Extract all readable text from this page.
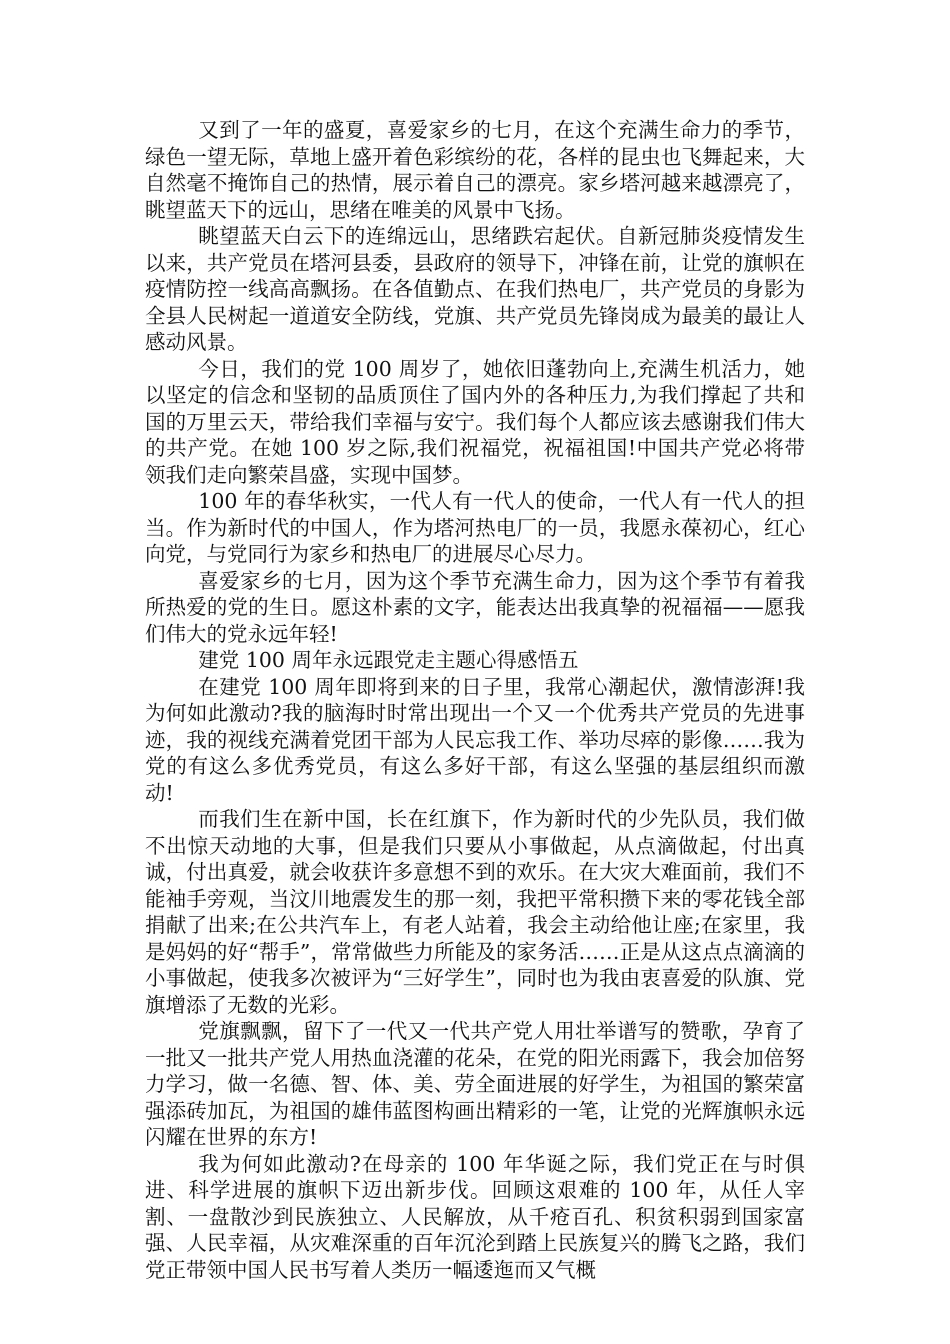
又到了一年的盛夏，喜爱家乡的七月，在这个充满生命力的季节，绿色一望无际，草地上盛开着色彩缤纷的花，各样的昆虫也飞舞起来，大自然毫不掩饰自己的热情，展示着自己的漂亮。家乡塔河越来越漂亮了，眺望蓝天下的远山，思绪在唯美的风景中飞扬。

眺望蓝天白云下的连绵远山，思绪跌宕起伏。自新冠肺炎疫情发生以来，共产党员在塔河县委，县政府的领导下，冲锋在前，让党的旗帜在疫情防控一线高高飘扬。在各值勤点、在我们热电厂，共产党员的身影为全县人民树起一道道安全防线，党旗、共产党员先锋岗成为最美的最让人感动风景。

今日，我们的党 100 周岁了，她依旧蓬勃向上,充满生机活力，她以坚定的信念和坚韧的品质顶住了国内外的各种压力,为我们撑起了共和国的万里云天，带给我们幸福与安宁。我们每个人都应该去感谢我们伟大的共产党。在她 100 岁之际,我们祝福党，祝福祖国!中国共产党必将带领我们走向繁荣昌盛，实现中国梦。

100 年的春华秋实，一代人有一代人的使命，一代人有一代人的担当。作为新时代的中国人，作为塔河热电厂的一员，我愿永葆初心，红心向党，与党同行为家乡和热电厂的进展尽心尽力。

喜爱家乡的七月，因为这个季节充满生命力，因为这个季节有着我所热爱的党的生日。愿这朴素的文字，能表达出我真挚的祝福福——愿我们伟大的党永远年轻!

建党 100 周年永远跟党走主题心得感悟五

在建党 100 周年即将到来的日子里，我常心潮起伏，激情澎湃!我为何如此激动?我的脑海时时常出现出一个又一个优秀共产党员的先进事迹，我的视线充满着党团干部为人民忘我工作、举功尽瘁的影像……我为党的有这么多优秀党员，有这么多好干部，有这么坚强的基层组织而激动!

而我们生在新中国，长在红旗下，作为新时代的少先队员，我们做不出惊天动地的大事，但是我们只要从小事做起，从点滴做起，付出真诚，付出真爱，就会收获许多意想不到的欢乐。在大灾大难面前，我们不能袖手旁观，当汶川地震发生的那一刻，我把平常积攒下来的零花钱全部捐献了出来;在公共汽车上，有老人站着，我会主动给他让座;在家里，我是妈妈的好“帮手”，常常做些力所能及的家务活……正是从这点点滴滴的小事做起，使我多次被评为“三好学生”，同时也为我由衷喜爱的队旗、党旗增添了无数的光彩。

党旗飘飘，留下了一代又一代共产党人用壮举谱写的赞歌，孕育了一批又一批共产党人用热血浇灌的花朵，在党的阳光雨露下，我会加倍努力学习，做一名德、智、体、美、劳全面进展的好学生，为祖国的繁荣富强添砖加瓦，为祖国的雄伟蓝图构画出精彩的一笔，让党的光辉旗帜永远闪耀在世界的东方!

我为何如此激动?在母亲的 100 年华诞之际，我们党正在与时俱进、科学进展的旗帜下迈出新步伐。回顾这艰难的 100 年，从任人宰割、一盘散沙到民族独立、人民解放，从千疮百孔、积贫积弱到国家富强、人民幸福，从灾难深重的百年沉沦到踏上民族复兴的腾飞之路，我们党正带领中国人民书写着人类历一幅逶迤而又气概
